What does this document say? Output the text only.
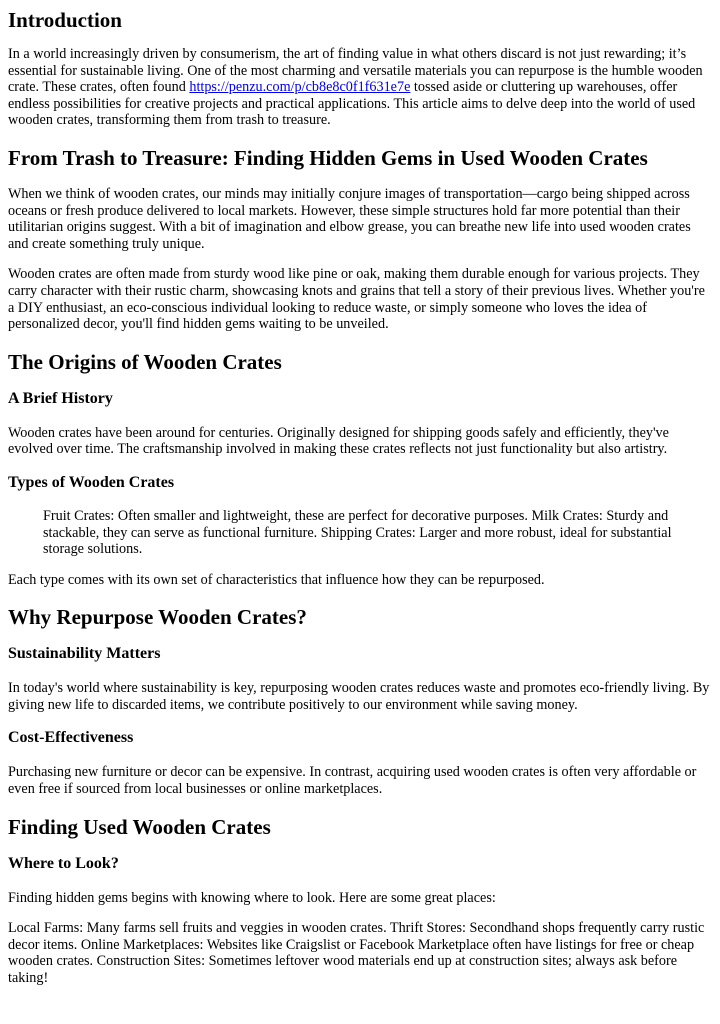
Introduction

In a world increasingly driven by consumerism, the art of finding value in what others discard is not just rewarding; it’s essential for sustainable living. One of the most charming and versatile materials you can repurpose is the humble wooden crate. These crates, often found https://penzu.com/p/cb8e8c0f1f631e7e tossed aside or cluttering up warehouses, offer endless possibilities for creative projects and practical applications. This article aims to delve deep into the world of used wooden crates, transforming them from trash to treasure.

From Trash to Treasure: Finding Hidden Gems in Used Wooden Crates

When we think of wooden crates, our minds may initially conjure images of transportation—cargo being shipped across oceans or fresh produce delivered to local markets. However, these simple structures hold far more potential than their utilitarian origins suggest. With a bit of imagination and elbow grease, you can breathe new life into used wooden crates and create something truly unique.

Wooden crates are often made from sturdy wood like pine or oak, making them durable enough for various projects. They carry character with their rustic charm, showcasing knots and grains that tell a story of their previous lives. Whether you're a DIY enthusiast, an eco-conscious individual looking to reduce waste, or simply someone who loves the idea of personalized decor, you'll find hidden gems waiting to be unveiled.

The Origins of Wooden Crates
A Brief History

Wooden crates have been around for centuries. Originally designed for shipping goods safely and efficiently, they've evolved over time. The craftsmanship involved in making these crates reflects not just functionality but also artistry.

Types of Wooden Crates
Fruit Crates: Often smaller and lightweight, these are perfect for decorative purposes. Milk Crates: Sturdy and stackable, they can serve as functional furniture. Shipping Crates: Larger and more robust, ideal for substantial storage solutions.

Each type comes with its own set of characteristics that influence how they can be repurposed.

Why Repurpose Wooden Crates?
Sustainability Matters

In today's world where sustainability is key, repurposing wooden crates reduces waste and promotes eco-friendly living. By giving new life to discarded items, we contribute positively to our environment while saving money.

Cost-Effectiveness

Purchasing new furniture or decor can be expensive. In contrast, acquiring used wooden crates is often very affordable or even free if sourced from local businesses or online marketplaces.

Finding Used Wooden Crates
Where to Look?

Finding hidden gems begins with knowing where to look. Here are some great places:

Local Farms: Many farms sell fruits and veggies in wooden crates. Thrift Stores: Secondhand shops frequently carry rustic decor items. Online Marketplaces: Websites like Craigslist or Facebook Marketplace often have listings for free or cheap wooden crates. Construction Sites: Sometimes leftover wood materials end up at construction sites; always ask before taking!
